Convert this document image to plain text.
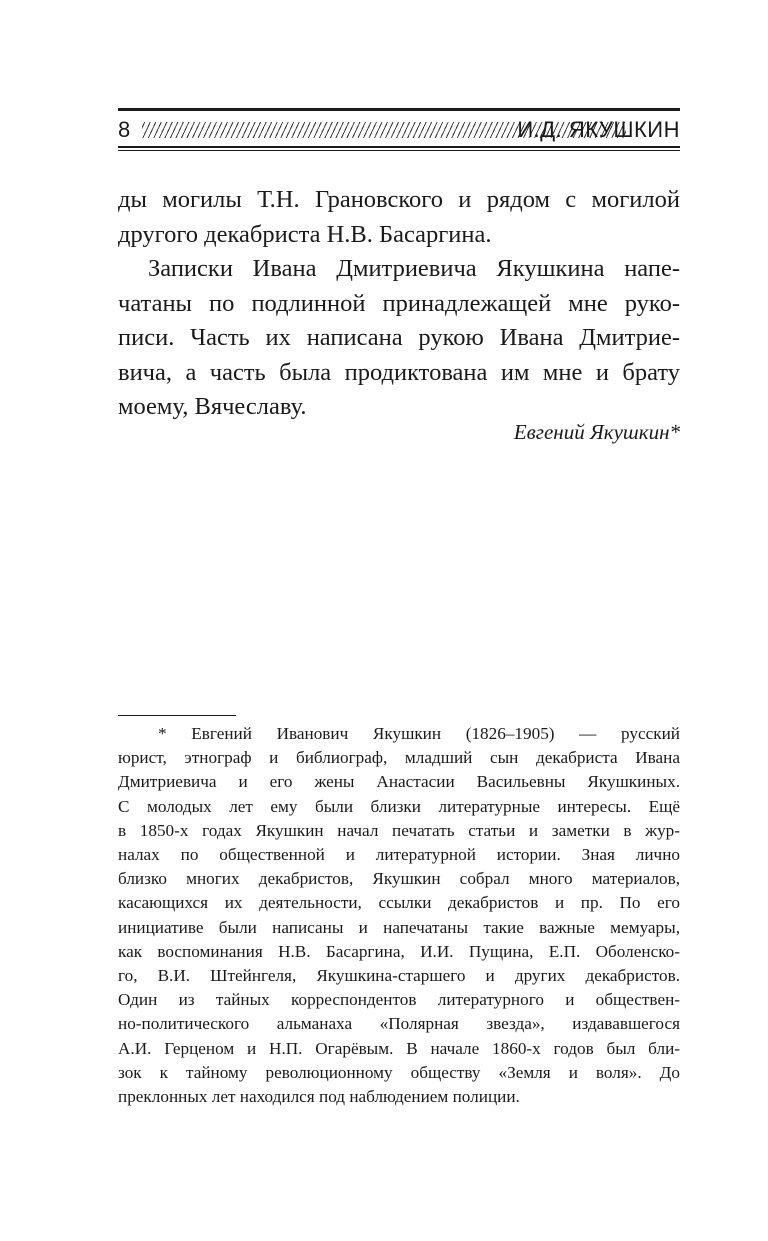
8	И.Д. ЯКУШКИН

ды могилы Т.Н. Грановского и рядом с могилой
другого декабриста Н.В. Басаргина.

Записки Ивана Дмитриевича Якушкина напе-
чатаны по подлинной принадлежащей мне руко-
писи. Часть их написана рукою Ивана Дмитрие-
вича, а часть была продиктована им мне и брату
моему, Вячеславу.

Евгений Якушкин*
* Евгений Иванович Якушкин (1826–1905) — русский
юрист, этнограф и библиограф, младший сын декабриста Ивана
Дмитриевича и его жены Анастасии Васильевны Якушкиных.
С молодых лет ему были близки литературные интересы. Ещё
в 1850-х годах Якушкин начал печатать статьи и заметки в жур-
налах по общественной и литературной истории. Зная лично
близко многих декабристов, Якушкин собрал много материалов,
касающихся их деятельности, ссылки декабристов и пр. По его
инициативе были написаны и напечатаны такие важные мемуары,
как воспоминания Н.В. Басаргина, И.И. Пущина, Е.П. Оболенско-
го, В.И. Штейнгеля, Якушкина-старшего и других декабристов.
Один из тайных корреспондентов литературного и обществен-
но-политического альманаха «Полярная звезда», издававшегося
А.И. Герценом и Н.П. Огарёвым. В начале 1860-х годов был бли-
зок к тайному революционному обществу «Земля и воля». До
преклонных лет находился под наблюдением полиции.
